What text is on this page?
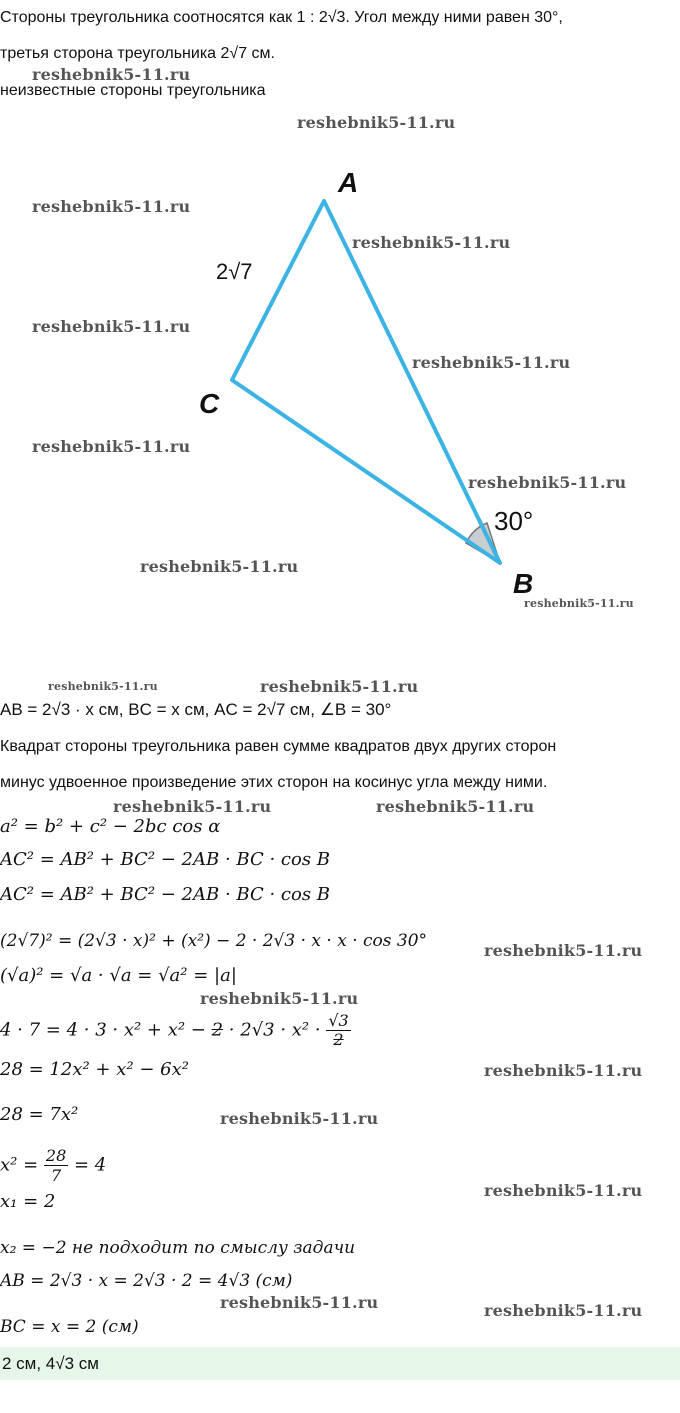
Стороны треугольника соотносятся как 1 : 2√3. Угол между ними равен 30°,
третья сторона треугольника 2√7 см.
неизвестные стороны треугольника
A
C
B
2√7
30°
reshebnik5-11.ru
reshebnik5-11.ru
reshebnik5-11.ru
reshebnik5-11.ru
reshebnik5-11.ru
reshebnik5-11.ru
reshebnik5-11.ru
reshebnik5-11.ru
reshebnik5-11.ru
reshebnik5-11.ru
reshebnik5-11.ru	reshebnik5-11.ru
reshebnik5-11.ru	reshebnik5-11.ru
reshebnik5-11.ru
reshebnik5-11.ru
reshebnik5-11.ru
reshebnik5-11.ru
reshebnik5-11.ru
reshebnik5-11.ru	reshebnik5-11.ru
AB = 2√3 · x см, BC = x см, AC = 2√7 см, ∠B = 30°
Квадрат стороны треугольника равен сумме квадратов двух других сторон
минус удвоенное произведение этих сторон на косинус угла между ними.
a² = b² + c² − 2bc cos α
AC² = AB² + BC² − 2AB · BC · cos B
AC² = AB² + BC² − 2AB · BC · cos B
(2√7)² = (2√3 · x)² + (x²) − 2 · 2√3 · x · x · cos 30°
(√a)² = √a · √a = √a² = |a|
$4 \cdot 7 = 4 \cdot 3 \cdot x^2 + x^2 - 2 \cdot 2√3 \cdot x^2 \cdot \frac{√3}{2}$
28 = 12x² + x² − 6x²
28 = 7x²
$x^2 = \frac{28}{7} = 4$
x₁ = 2
x₂ = −2 не подходит по смыслу задачи
AB = 2√3 · x = 2√3 · 2 = 4√3 (см)
BC = x = 2 (см)
2 см, 4√3 см
